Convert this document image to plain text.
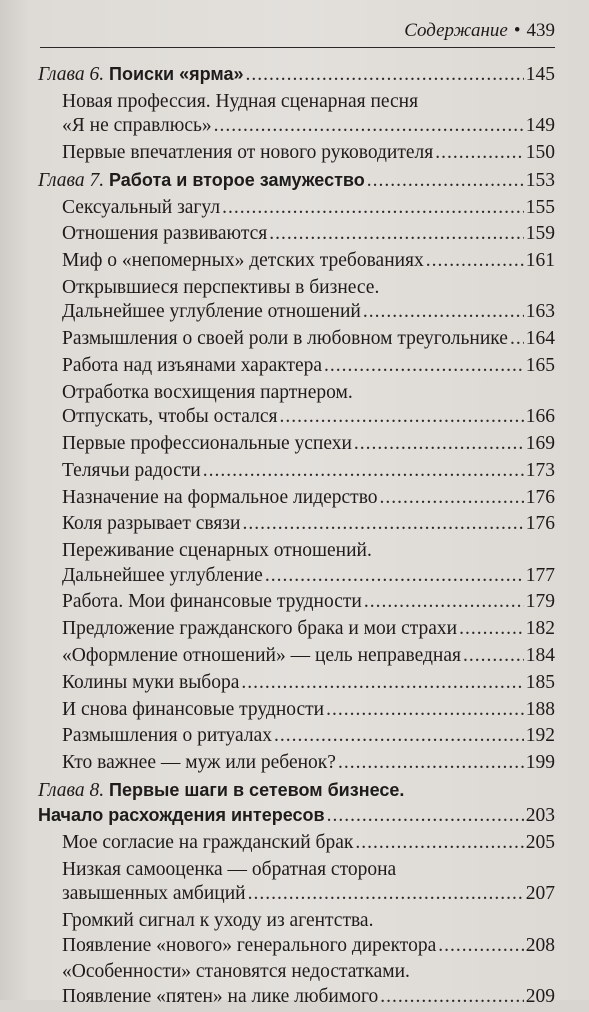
Содержание • 439
Глава 6. Поиски «ярма» .....	145
Новая профессия. Нудная сценарная песня
«Я не справлюсь» .....	149
Первые впечатления от нового руководителя .....	150
Глава 7. Работа и второе замужество .....	153
Сексуальный загул .....	155
Отношения развиваются .....	159
Миф о «непомерных» детских требованиях .....	161
Открывшиеся перспективы в бизнесе.
Дальнейшее углубление отношений .....	163
Размышления о своей роли в любовном треугольнике ..... 164
Работа над изъянами характера .....	165
Отработка восхищения партнером.
Отпускать, чтобы остался .....	166
Первые профессиональные успехи .....	169
Телячьи радости .....	173
Назначение на формальное лидерство .....	176
Коля разрывает связи .....	176
Переживание сценарных отношений.
Дальнейшее углубление .....	177
Работа. Мои финансовые трудности .....	179
Предложение гражданского брака и мои страхи .....	182
«Оформление отношений» — цель неправедная .....	184
Колины муки выбора .....	185
И снова финансовые трудности .....	188
Размышления о ритуалах .....	192
Кто важнее — муж или ребенок? .....	199
Глава 8. Первые шаги в сетевом бизнесе.
Начало расхождения интересов .....	203
Мое согласие на гражданский брак .....	205
Низкая самооценка — обратная сторона
завышенных амбиций .....	207
Громкий сигнал к уходу из агентства.
Появление «нового» генерального директора .....	208
«Особенности» становятся недостатками.
Появление «пятен» на лике любимого .....	209
